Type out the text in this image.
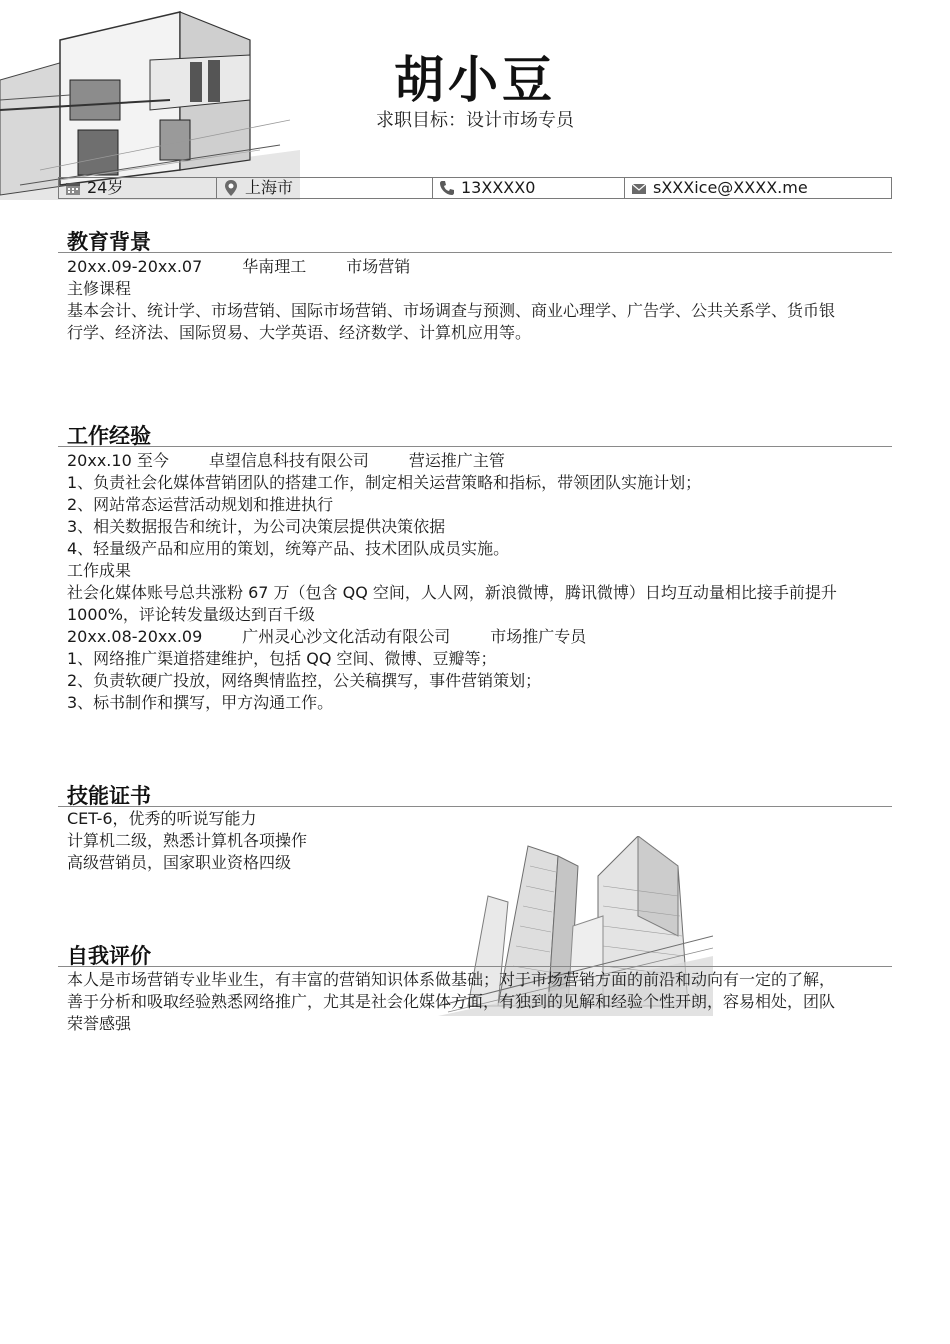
胡小豆
求职目标：设计市场专员
24岁	上海市	13XXXX0	sXXXice@XXXX.me
教育背景
20xx.09-20xx.07	华南理工	市场营销
主修课程
基本会计、统计学、市场营销、国际市场营销、市场调查与预测、商业心理学、广告学、公共关系学、货币银
行学、经济法、国际贸易、大学英语、经济数学、计算机应用等。
工作经验
20xx.10 至今	卓望信息科技有限公司	营运推广主管
1、负责社会化媒体营销团队的搭建工作，制定相关运营策略和指标，带领团队实施计划；
2、网站常态运营活动规划和推进执行
3、相关数据报告和统计，为公司决策层提供决策依据
4、轻量级产品和应用的策划，统筹产品、技术团队成员实施。
工作成果
社会化媒体账号总共涨粉 67 万（包含 QQ 空间，人人网，新浪微博，腾讯微博）日均互动量相比接手前提升
1000%，评论转发量级达到百千级
20xx.08-20xx.09	广州灵心沙文化活动有限公司	市场推广专员
1、网络推广渠道搭建维护，包括 QQ 空间、微博、豆瓣等；
2、负责软硬广投放，网络舆情监控，公关稿撰写，事件营销策划；
3、标书制作和撰写，甲方沟通工作。
技能证书
CET-6，优秀的听说写能力
计算机二级，熟悉计算机各项操作
高级营销员，国家职业资格四级
自我评价
本人是市场营销专业毕业生，有丰富的营销知识体系做基础；对于市场营销方面的前沿和动向有一定的了解，
善于分析和吸取经验熟悉网络推广，尤其是社会化媒体方面，有独到的见解和经验个性开朗，容易相处，团队
荣誉感强
